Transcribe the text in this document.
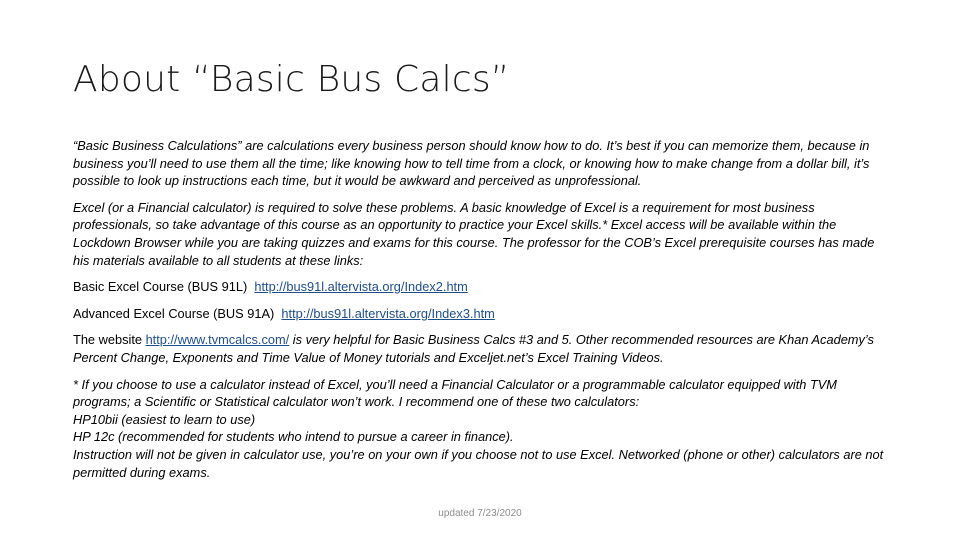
About “Basic Bus Calcs”

“Basic Business Calculations” are calculations every business person should know how to do. It’s best if you can memorize them, because in business you’ll need to use them all the time; like knowing how to tell time from a clock, or knowing how to make change from a dollar bill, it’s possible to look up instructions each time, but it would be awkward and perceived as unprofessional.

Excel (or a Financial calculator) is required to solve these problems. A basic knowledge of Excel is a requirement for most business professionals, so take advantage of this course as an opportunity to practice your Excel skills.* Excel access will be available within the Lockdown Browser while you are taking quizzes and exams for this course. The professor for the COB’s Excel prerequisite courses has made his materials available to all students at these links:

Basic Excel Course (BUS 91L) http://bus91l.altervista.org/Index2.htm

Advanced Excel Course (BUS 91A) http://bus91l.altervista.org/Index3.htm

The website http://www.tvmcalcs.com/ is very helpful for Basic Business Calcs #3 and 5. Other recommended resources are Khan Academy’s Percent Change, Exponents and Time Value of Money tutorials and Exceljet.net’s Excel Training Videos.

* If you choose to use a calculator instead of Excel, you’ll need a Financial Calculator or a programmable calculator equipped with TVM programs; a Scientific or Statistical calculator won’t work. I recommend one of these two calculators:
HP10bii (easiest to learn to use)
HP 12c (recommended for students who intend to pursue a career in finance).
Instruction will not be given in calculator use, you’re on your own if you choose not to use Excel. Networked (phone or other) calculators are not permitted during exams.

updated 7/23/2020
